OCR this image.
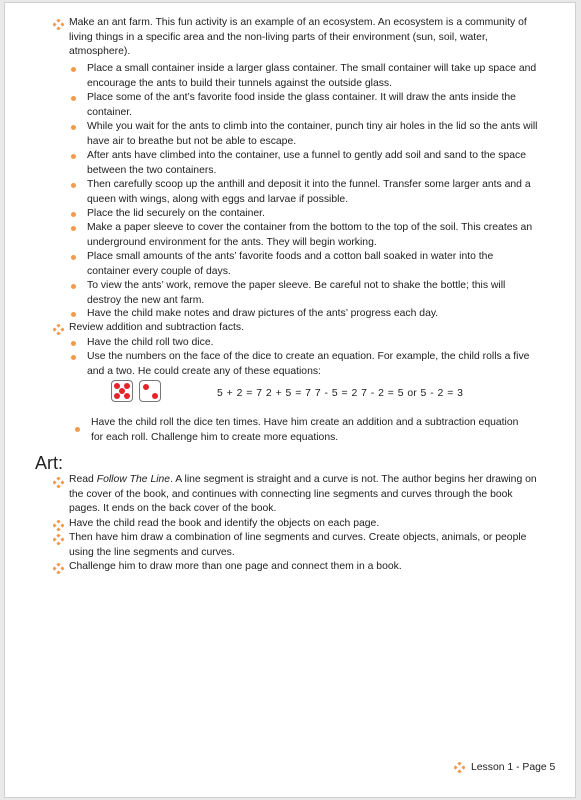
Make an ant farm. This fun activity is an example of an ecosystem. An ecosystem is a community of living things in a specific area and the non-living parts of their environment (sun, soil, water, atmosphere).
Place a small container inside a larger glass container. The small container will take up space and encourage the ants to build their tunnels against the outside glass.
Place some of the ant’s favorite food inside the glass container. It will draw the ants inside the container.
While you wait for the ants to climb into the container, punch tiny air holes in the lid so the ants will have air to breathe but not be able to escape.
After ants have climbed into the container, use a funnel to gently add soil and sand to the space between the two containers.
Then carefully scoop up the anthill and deposit it into the funnel. Transfer some larger ants and a queen with wings, along with eggs and larvae if possible.
Place the lid securely on the container.
Make a paper sleeve to cover the container from the bottom to the top of the soil. This creates an underground environment for the ants. They will begin working.
Place small amounts of the ants’ favorite foods and a cotton ball soaked in water into the container every couple of days.
To view the ants’ work, remove the paper sleeve. Be careful not to shake the bottle; this will destroy the new ant farm.
Have the child make notes and draw pictures of the ants’ progress each day.
Review addition and subtraction facts.
Have the child roll two dice.
Use the numbers on the face of the dice to create an equation. For example, the child rolls a five and a two. He could create any of these equations:
5 + 2 = 7 2 + 5 = 7 7 - 5 = 2 7 - 2 = 5 or 5 - 2 = 3
Have the child roll the dice ten times. Have him create an addition and a subtraction equation for each roll. Challenge him to create more equations.
Art:
Read Follow The Line. A line segment is straight and a curve is not. The author begins her drawing on the cover of the book, and continues with connecting line segments and curves through the book pages. It ends on the back cover of the book.
Have the child read the book and identify the objects on each page.
Then have him draw a combination of line segments and curves. Create objects, animals, or people using the line segments and curves.
Challenge him to draw more than one page and connect them in a book.
Lesson 1 - Page 5
